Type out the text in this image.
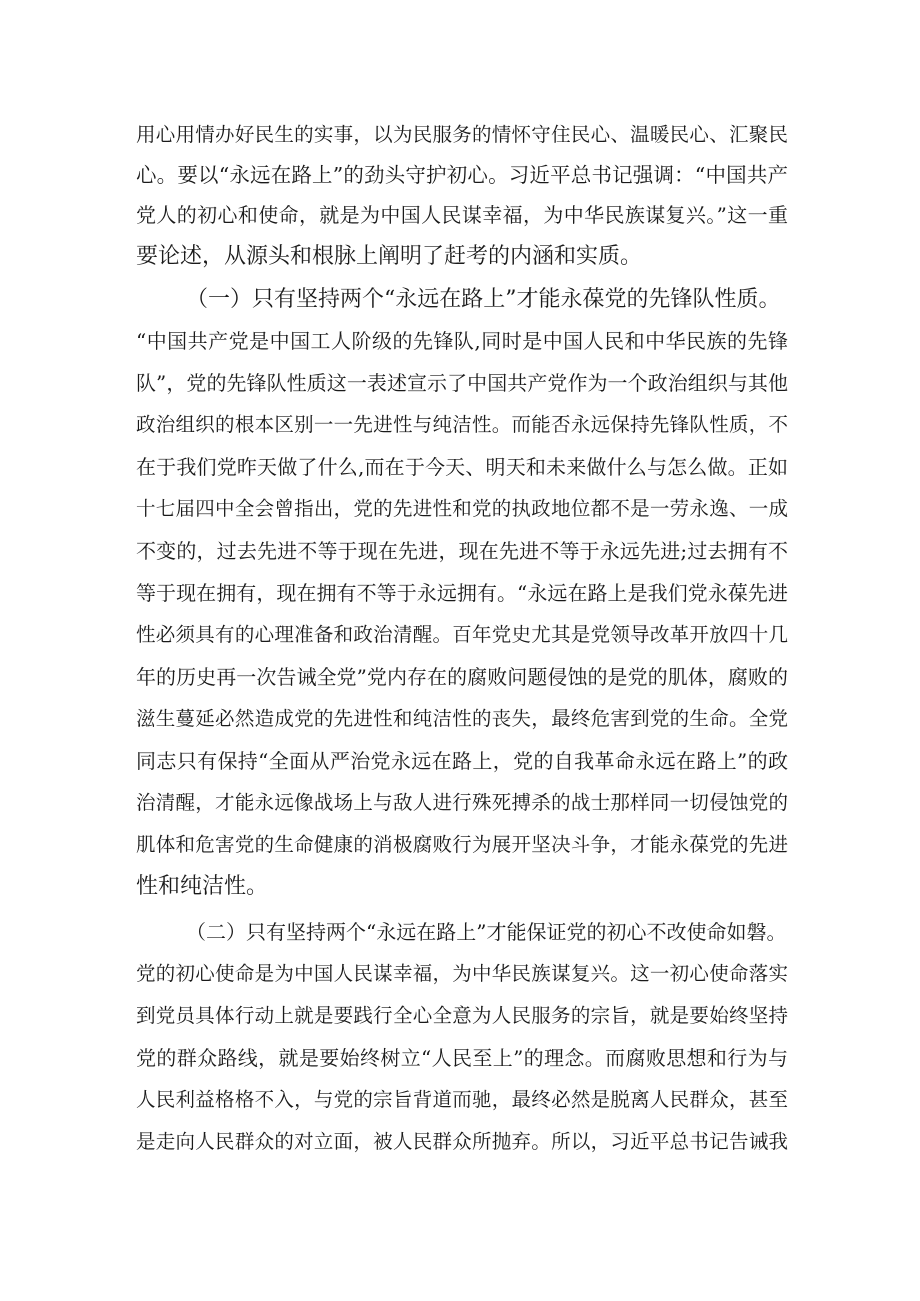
用心用情办好民生的实事，以为民服务的情怀守住民心、温暖民心、汇聚民
心。要以“永远在路上”的劲头守护初心。习近平总书记强调：“中国共产
党人的初心和使命，就是为中国人民谋幸福，为中华民族谋复兴。”这一重
要论述，从源头和根脉上阐明了赶考的内涵和实质。
（一）只有坚持两个“永远在路上”才能永葆党的先锋队性质。
“中国共产党是中国工人阶级的先锋队,同时是中国人民和中华民族的先锋
队”，党的先锋队性质这一表述宣示了中国共产党作为一个政治组织与其他
政治组织的根本区别一一先进性与纯洁性。而能否永远保持先锋队性质，不
在于我们党昨天做了什么,而在于今天、明天和未来做什么与怎么做。正如
十七届四中全会曾指出，党的先进性和党的执政地位都不是一劳永逸、一成
不变的，过去先进不等于现在先进，现在先进不等于永远先进;过去拥有不
等于现在拥有，现在拥有不等于永远拥有。“永远在路上是我们党永葆先进
性必须具有的心理准备和政治清醒。百年党史尤其是党领导改革开放四十几
年的历史再一次告诫全党”党内存在的腐败问题侵蚀的是党的肌体，腐败的
滋生蔓延必然造成党的先进性和纯洁性的丧失，最终危害到党的生命。全党
同志只有保持“全面从严治党永远在路上，党的自我革命永远在路上”的政
治清醒，才能永远像战场上与敌人进行殊死搏杀的战士那样同一切侵蚀党的
肌体和危害党的生命健康的消极腐败行为展开坚决斗争，才能永葆党的先进
性和纯洁性。
（二）只有坚持两个“永远在路上”才能保证党的初心不改使命如磐。
党的初心使命是为中国人民谋幸福，为中华民族谋复兴。这一初心使命落实
到党员具体行动上就是要践行全心全意为人民服务的宗旨，就是要始终坚持
党的群众路线，就是要始终树立“人民至上”的理念。而腐败思想和行为与
人民利益格格不入，与党的宗旨背道而驰，最终必然是脱离人民群众，甚至
是走向人民群众的对立面，被人民群众所抛弃。所以，习近平总书记告诫我
